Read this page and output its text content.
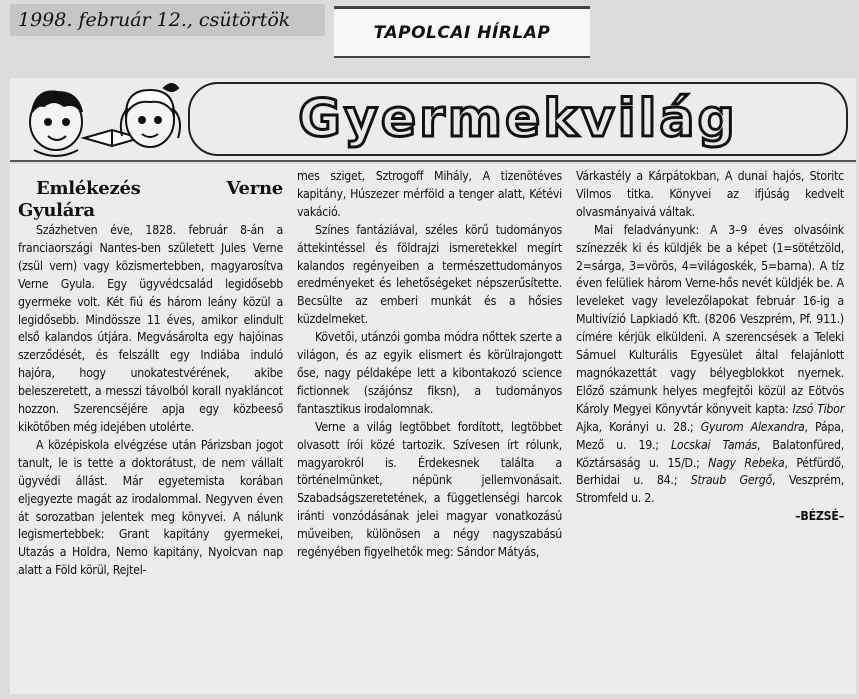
1998. február 12., csütörtök
TAPOLCAI HÍRLAP
Gyermekvilág

Emlékezés Verne Gyulára

Százhetven éve, 1828. február 8-án a franciaországi Nantes-ben született Jules Verne (zsül vern) vagy közismertebben, magyarosítva Verne Gyula. Egy ügyvédcsalád legidősebb gyermeke volt. Két fiú és három leány közül a legidősebb. Mindössze 11 éves, amikor elindult első kalandos útjára. Megvásárolta egy hajóinas szerződését, és felszállt egy Indiába induló hajóra, hogy unokatestvérének, akibe beleszeretett, a messzi távolból korall nyakláncot hozzon. Szerencséjére apja egy közbeeső kikötőben még idejében utolérte.

A középiskola elvégzése után Párizsban jogot tanult, le is tette a doktorátust, de nem vállalt ügyvédi állást. Már egyetemista korában eljegyezte magát az irodalommal. Negyven éven át sorozatban jelentek meg könyvei. A nálunk legismertebbek: Grant kapitány gyermekei, Utazás a Holdra, Nemo kapitány, Nyolcvan nap alatt a Föld körül, Rejtel-

mes sziget, Sztrogoff Mihály, A tizenötéves kapitány, Húszezer mérföld a tenger alatt, Kétévi vakáció.

Színes fantáziával, széles körű tudományos áttekintéssel és földrajzi ismeretekkel megírt kalandos regényeiben a természettudományos eredményeket és lehetőségeket népszerűsítette. Becsülte az emberi munkát és a hősies küzdelmeket.

Követői, utánzói gomba módra nőttek szerte a világon, és az egyik elismert és körülrajongott őse, nagy példaképe lett a kibontakozó science fictionnek (szájónsz fiksn), a tudományos fantasztikus irodalomnak.

Verne a világ legtöbbet fordított, legtöbbet olvasott írói közé tartozik. Szívesen írt rólunk, magyarokról is. Érdekesnek találta a történelmünket, népünk jellemvonásait. Szabadságszeretetének, a függetlenségi harcok iránti vonzódásának jelei magyar vonatkozású műveiben, különösen a négy nagyszabású regényében figyelhetők meg: Sándor Mátyás,

Várkastély a Kárpátokban, A dunai hajós, Storitc Vilmos titka. Könyvei az ifjúság kedvelt olvasmányaivá váltak.

Mai feladványunk: A 3–9 éves olvasóink színezzék ki és küldjék be a képet (1=sötétzöld, 2=sárga, 3=vörös, 4=világoskék, 5=barna). A tíz éven felüliek három Verne-hős nevét küldjék be. A leveleket vagy levelezőlapokat február 16-ig a Multivízió Lapkiadó Kft. (8206 Veszprém, Pf. 911.) címére kérjük elküldeni. A szerencsések a Teleki Sámuel Kulturális Egyesület által felajánlott magnókazettát vagy bélyegblokkot nyernek. Előző számunk helyes megfejtői közül az Eötvös Károly Megyei Könyvtár könyveit kapta: Izsó Tibor Ajka, Korányi u. 28.; Gyurom Alexandra, Pápa, Mező u. 19.; Locskai Tamás, Balatonfüred, Köztársaság u. 15/D.; Nagy Rebeka, Pétfürdő, Berhidai u. 84.; Straub Gergő, Veszprém, Stromfeld u. 2.

–BÉZSÉ–
